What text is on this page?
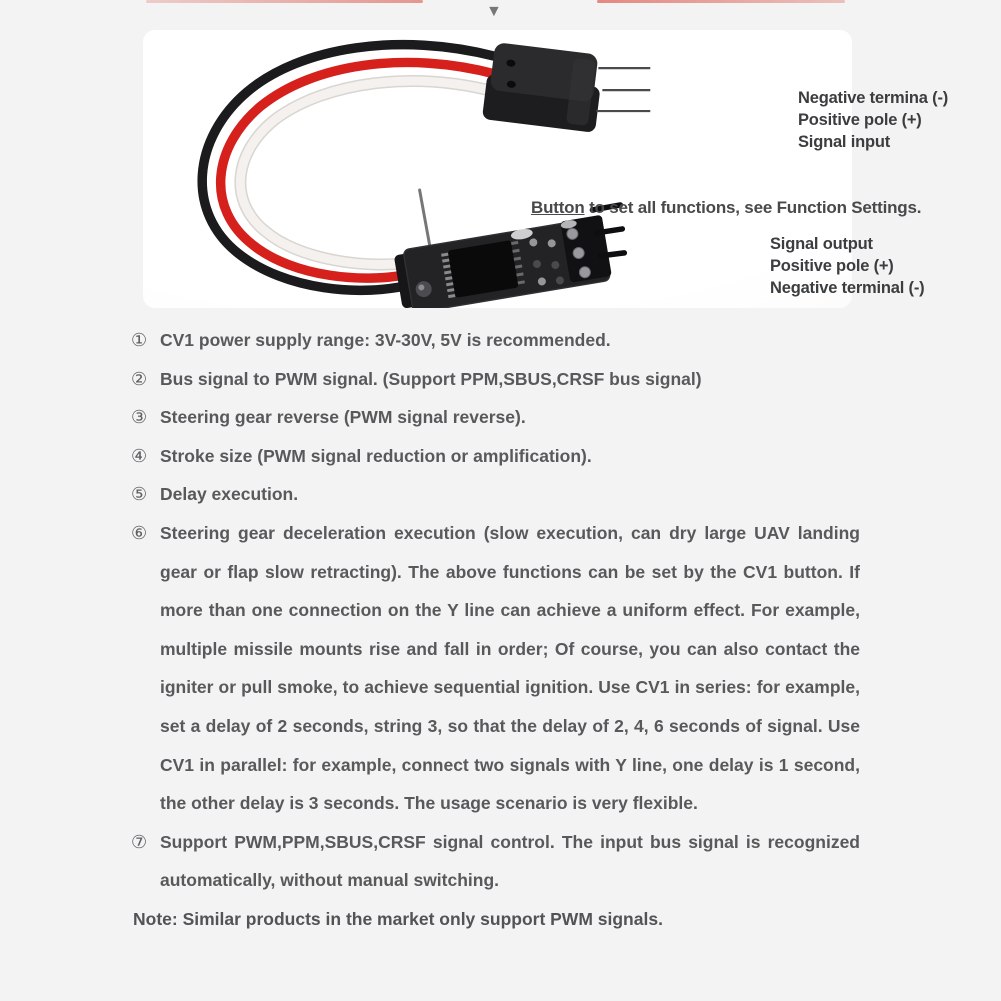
▼
Negative termina (-)
Positive pole (+)
Signal input
Button to set all functions, see Function Settings.
Signal output
Positive pole (+)
Negative terminal (-)
① CV1 power supply range: 3V-30V, 5V is recommended.
② Bus signal to PWM signal. (Support PPM,SBUS,CRSF bus signal)
③ Steering gear reverse (PWM signal reverse).
④ Stroke size (PWM signal reduction or amplification).
⑤ Delay execution.
⑥ Steering gear deceleration execution (slow execution, can dry large UAV landing gear or flap slow retracting). The above functions can be set by the CV1 button. If more than one connection on the Y line can achieve a uniform effect. For example, multiple missile mounts rise and fall in order; Of course, you can also contact the igniter or pull smoke, to achieve sequential ignition. Use CV1 in series: for example, set a delay of 2 seconds, string 3, so that the delay of 2, 4, 6 seconds of signal. Use CV1 in parallel: for example, connect two signals with Y line, one delay is 1 second, the other delay is 3 seconds. The usage scenario is very flexible.
⑦ Support PWM,PPM,SBUS,CRSF signal control. The input bus signal is recognized automatically, without manual switching.
Note: Similar products in the market only support PWM signals.
